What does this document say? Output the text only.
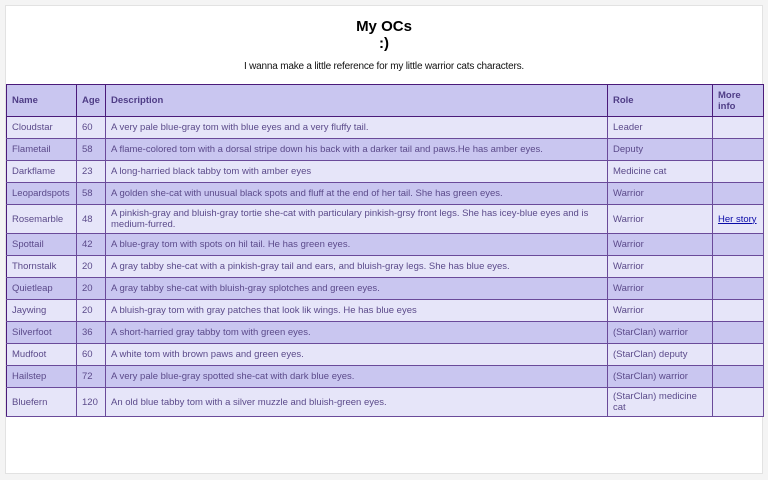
My OCs
:)
I wanna make a little reference for my little warrior cats characters.
Name	Age	Description	Role	More info
Cloudstar	60	A very pale blue-gray tom with blue eyes and a very fluffy tail.	Leader	
Flametail	58	A flame-colored tom with a dorsal stripe down his back with a darker tail and paws.He has amber eyes.	Deputy	
Darkflame	23	A long-harried black tabby tom with amber eyes	Medicine cat	
Leopardspots	58	A golden she-cat with unusual black spots and fluff at the end of her tail. She has green eyes.	Warrior	
Rosemarble	48	A pinkish-gray and bluish-gray tortie she-cat with particulary pinkish-grsy front legs. She has icey-blue eyes and is medium-furred.	Warrior	Her story
Spottail	42	A blue-gray tom with spots on hil tail. He has green eyes.	Warrior	
Thornstalk	20	A gray tabby she-cat with a pinkish-gray tail and ears, and bluish-gray legs. She has blue eyes.	Warrior	
Quietleap	20	A gray tabby she-cat with bluish-gray splotches and green eyes.	Warrior	
Jaywing	20	A bluish-gray tom with gray patches that look lik wings. He has blue eyes	Warrior	
Silverfoot	36	A short-harried gray tabby tom with green eyes.	(StarClan) warrior	
Mudfoot	60	A white tom with brown paws and green eyes.	(StarClan) deputy	
Hailstep	72	A very pale blue-gray spotted she-cat with dark blue eyes.	(StarClan) warrior	
Bluefern	120	An old blue tabby tom with a silver muzzle and bluish-green eyes.	(StarClan) medicine cat	
